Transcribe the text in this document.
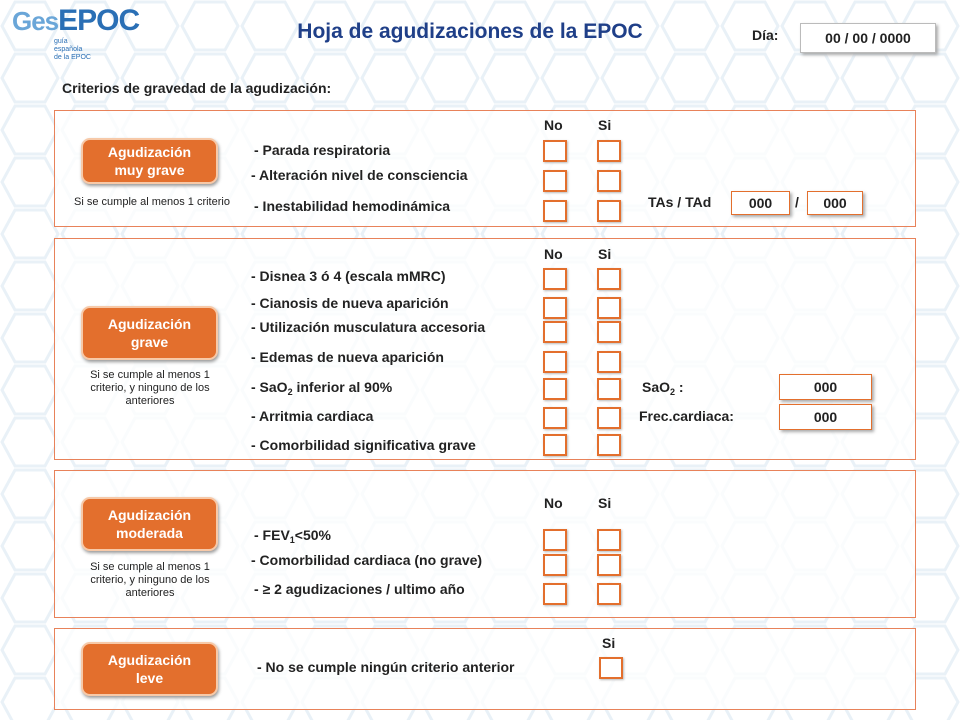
GesEPOC
guía
española
de la EPOC
Hoja de agudizaciones de la EPOC	Día:	00 / 00 / 0000
Criterios de gravedad de la agudización:
Agudización
muy grave
Si se cumple al menos 1 criterio
No	Si
- Parada respiratoria
- Alteración nivel de consciencia
- Inestabilidad hemodinámica	TAs / TAd	000	/	000
Agudización
grave
Si se cumple al menos 1
criterio, y ninguno de los
anteriores
No	Si
- Disnea 3 ó 4 (escala mMRC)
- Cianosis de nueva aparición
- Utilización musculatura accesoria
- Edemas de nueva aparición
- SaO$_2$ inferior al 90%
- Arritmia cardiaca
- Comorbilidad significativa grave
SaO$_2$ :	000
Frec.cardiaca:	000
Agudización
moderada
Si se cumple al menos 1
criterio, y ninguno de los
anteriores
No	Si
- $FEV_1<50\%$
- Comorbilidad cardiaca (no grave)
- ≥ 2 agudizaciones / ultimo año
Agudización
leve
Si
- No se cumple ningún criterio anterior
